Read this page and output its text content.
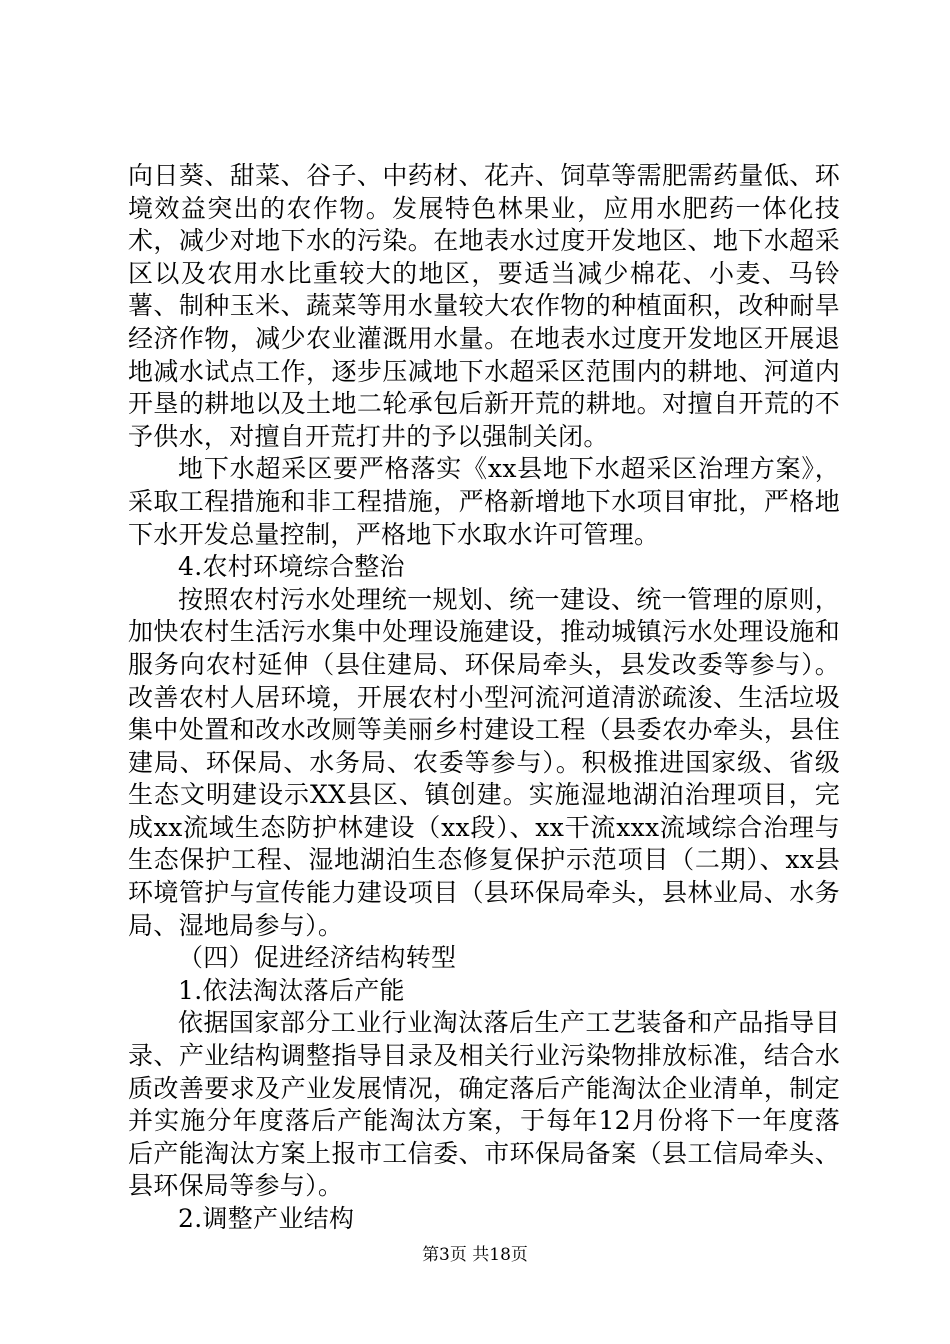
向日葵、甜菜、谷子、中药材、花卉、饲草等需肥需药量低、环境效益突出的农作物。发展特色林果业，应用水肥药一体化技术，减少对地下水的污染。在地表水过度开发地区、地下水超采区以及农用水比重较大的地区，要适当减少棉花、小麦、马铃薯、制种玉米、蔬菜等用水量较大农作物的种植面积，改种耐旱经济作物，减少农业灌溉用水量。在地表水过度开发地区开展退地减水试点工作，逐步压减地下水超采区范围内的耕地、河道内开垦的耕地以及土地二轮承包后新开荒的耕地。对擅自开荒的不予供水，对擅自开荒打井的予以强制关闭。

地下水超采区要严格落实《xx县地下水超采区治理方案》，采取工程措施和非工程措施，严格新增地下水项目审批，严格地下水开发总量控制，严格地下水取水许可管理。

4.农村环境综合整治

按照农村污水处理统一规划、统一建设、统一管理的原则，加快农村生活污水集中处理设施建设，推动城镇污水处理设施和服务向农村延伸（县住建局、环保局牵头，县发改委等参与）。改善农村人居环境，开展农村小型河流河道清淤疏浚、生活垃圾集中处置和改水改厕等美丽乡村建设工程（县委农办牵头，县住建局、环保局、水务局、农委等参与）。积极推进国家级、省级生态文明建设示XX县区、镇创建。实施湿地湖泊治理项目，完成xx流域生态防护林建设（xx段）、xx干流xxx流域综合治理与生态保护工程、湿地湖泊生态修复保护示范项目（二期）、xx县环境管护与宣传能力建设项目（县环保局牵头，县林业局、水务局、湿地局参与）。

（四）促进经济结构转型

1.依法淘汰落后产能

依据国家部分工业行业淘汰落后生产工艺装备和产品指导目录、产业结构调整指导目录及相关行业污染物排放标准，结合水质改善要求及产业发展情况，确定落后产能淘汰企业清单，制定并实施分年度落后产能淘汰方案，于每年12月份将下一年度落后产能淘汰方案上报市工信委、市环保局备案（县工信局牵头、县环保局等参与）。

2.调整产业结构

第3页 共18页
